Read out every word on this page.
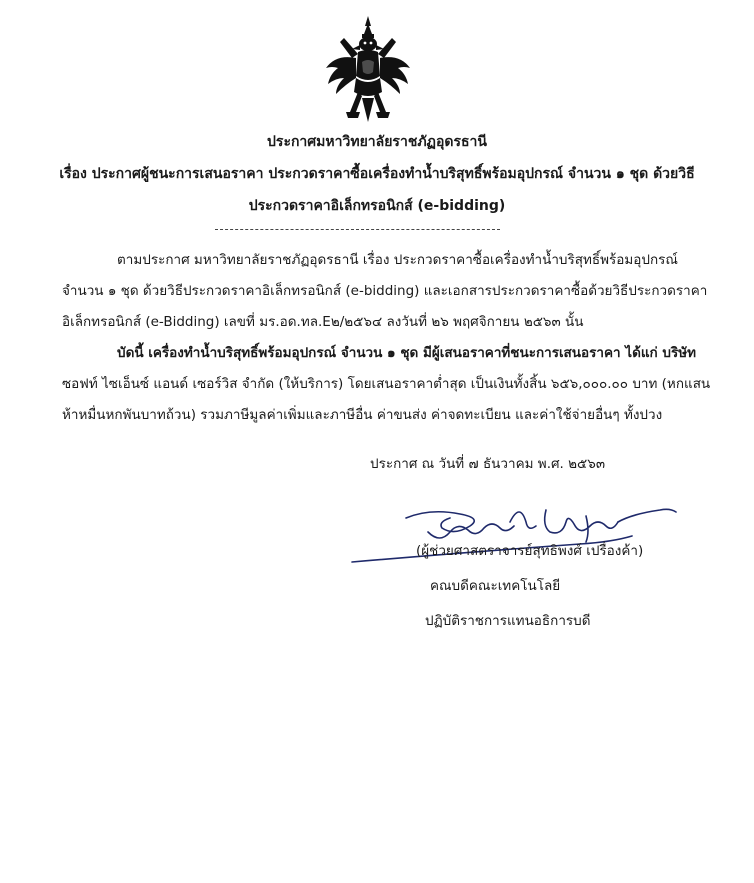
ประกาศมหาวิทยาลัยราชภัฏอุดรธานี
เรื่อง ประกาศผู้ชนะการเสนอราคา ประกวดราคาซื้อเครื่องทำน้ำบริสุทธิ์พร้อมอุปกรณ์ จำนวน ๑ ชุด ด้วยวิธี
ประกวดราคาอิเล็กทรอนิกส์ (e-bidding)
ตามประกาศ มหาวิทยาลัยราชภัฏอุดรธานี เรื่อง ประกวดราคาซื้อเครื่องทำน้ำบริสุทธิ์พร้อมอุปกรณ์
จำนวน ๑ ชุด ด้วยวิธีประกวดราคาอิเล็กทรอนิกส์ (e-bidding) และเอกสารประกวดราคาซื้อด้วยวิธีประกวดราคา
อิเล็กทรอนิกส์ (e-Bidding) เลขที่ มร.อด.ทล.E๒/๒๕๖๔ ลงวันที่ ๒๖ พฤศจิกายน ๒๕๖๓ นั้น
บัดนี้ เครื่องทำน้ำบริสุทธิ์พร้อมอุปกรณ์ จำนวน ๑ ชุด มีผู้เสนอราคาที่ชนะการเสนอราคา ได้แก่ บริษัท
ซอฟท์ ไซเอ็นซ์ แอนด์ เซอร์วิส จำกัด (ให้บริการ) โดยเสนอราคาต่ำสุด เป็นเงินทั้งสิ้น ๖๕๖,๐๐๐.๐๐ บาท (หกแสน
ห้าหมื่นหกพันบาทถ้วน) รวมภาษีมูลค่าเพิ่มและภาษีอื่น ค่าขนส่ง ค่าจดทะเบียน และค่าใช้จ่ายอื่นๆ ทั้งปวง
ประกาศ ณ วันที่ ๗ ธันวาคม พ.ศ. ๒๕๖๓
(ผู้ช่วยศาสตราจารย์สุทธิพงศ์ เปรื่องค้า)
คณบดีคณะเทคโนโลยี
ปฏิบัติราชการแทนอธิการบดี
